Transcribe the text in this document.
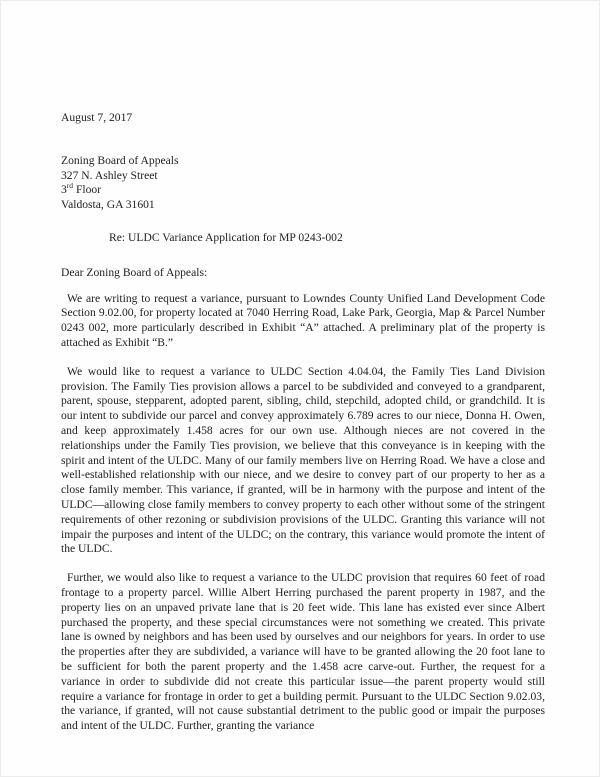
August 7, 2017
Zoning Board of Appeals
327 N. Ashley Street
3rd Floor
Valdosta, GA 31601
Re: ULDC Variance Application for MP 0243-002
Dear Zoning Board of Appeals:

We are writing to request a variance, pursuant to Lowndes County Unified Land Development Code Section 9.02.00, for property located at 7040 Herring Road, Lake Park, Georgia, Map & Parcel Number 0243 002, more particularly described in Exhibit “A” attached. A preliminary plat of the property is attached as Exhibit “B.”

We would like to request a variance to ULDC Section 4.04.04, the Family Ties Land Division provision. The Family Ties provision allows a parcel to be subdivided and conveyed to a grandparent, parent, spouse, stepparent, adopted parent, sibling, child, stepchild, adopted child, or grandchild. It is our intent to subdivide our parcel and convey approximately 6.789 acres to our niece, Donna H. Owen, and keep approximately 1.458 acres for our own use. Although nieces are not covered in the relationships under the Family Ties provision, we believe that this conveyance is in keeping with the spirit and intent of the ULDC. Many of our family members live on Herring Road. We have a close and well-established relationship with our niece, and we desire to convey part of our property to her as a close family member. This variance, if granted, will be in harmony with the purpose and intent of the ULDC—allowing close family members to convey property to each other without some of the stringent requirements of other rezoning or subdivision provisions of the ULDC. Granting this variance will not impair the purposes and intent of the ULDC; on the contrary, this variance would promote the intent of the ULDC.

Further, we would also like to request a variance to the ULDC provision that requires 60 feet of road frontage to a property parcel. Willie Albert Herring purchased the parent property in 1987, and the property lies on an unpaved private lane that is 20 feet wide. This lane has existed ever since Albert purchased the property, and these special circumstances were not something we created. This private lane is owned by neighbors and has been used by ourselves and our neighbors for years. In order to use the properties after they are subdivided, a variance will have to be granted allowing the 20 foot lane to be sufficient for both the parent property and the 1.458 acre carve-out. Further, the request for a variance in order to subdivide did not create this particular issue—the parent property would still require a variance for frontage in order to get a building permit. Pursuant to the ULDC Section 9.02.03, the variance, if granted, will not cause substantial detriment to the public good or impair the purposes and intent of the ULDC. Further, granting the variance
